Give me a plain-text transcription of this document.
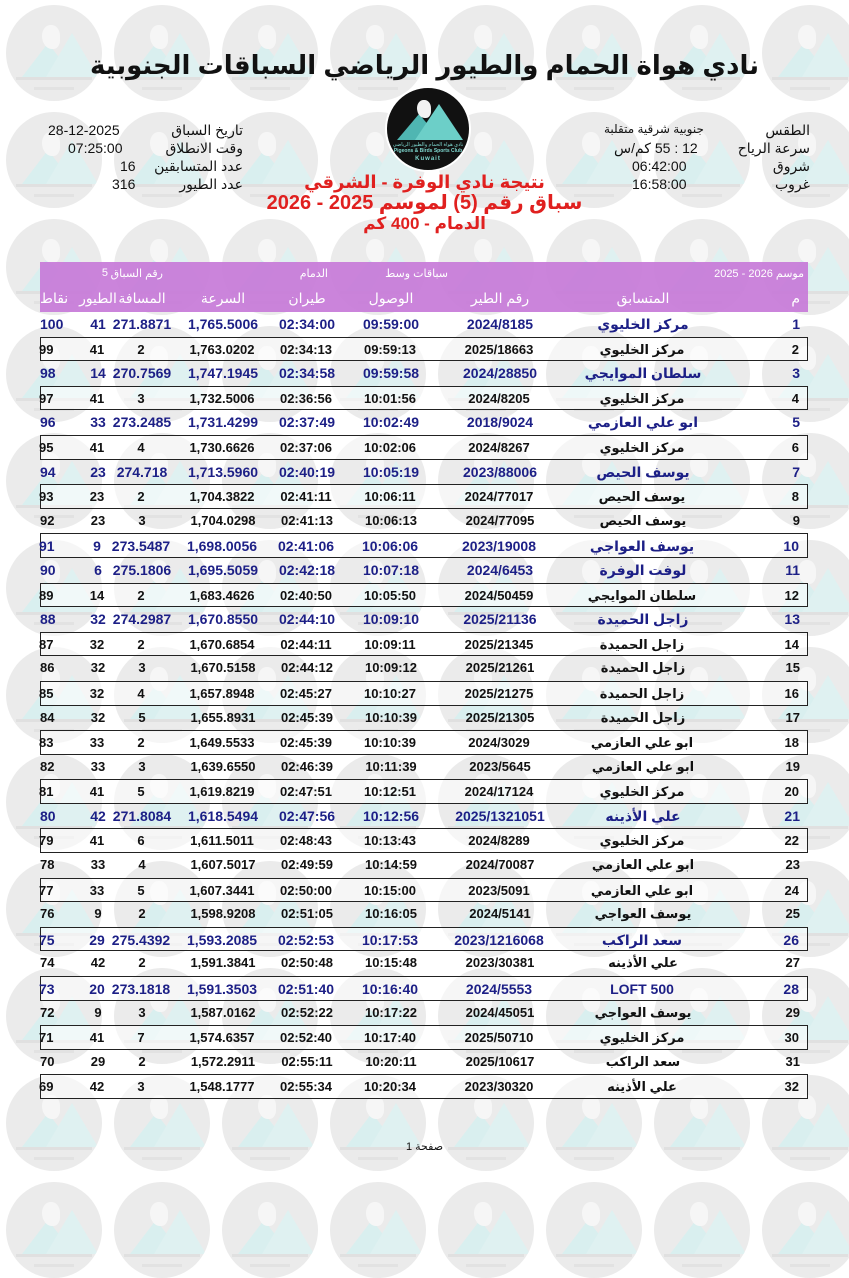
نادي هواة الحمام والطيور الرياضي السباقات الجنوبية
نادي هواة الحمام والطيور الرياضي
Pigeons & Birds Sports Club
Kuwait
تاريخ السباق
28-12-2025
وقت الانطلاق
07:25:00
عدد المتسابقين
16
عدد الطيور
316
الطقس
جنوبية شرقية متقلبة
سرعة الرياح
12 : 55 كم/س
شروق
06:42:00
غروب
16:58:00
نتيجة نادي الوفرة - الشرقي
سباق رقم (5) لموسم 2025 - 2026
الدمام - 400 كم
موسم 2026 - 2025
سباقات وسط
الدمام
رقم السباق
5
م
المتسابق
رقم الطير
الوصول
طيران
السرعة
المسافة
الطيور
نقاط
1
مركز الخليوي
2024/8185
09:59:00
02:34:00
1,765.5006
271.8871
41
100
2
مركز الخليوي
2025/18663
09:59:13
02:34:13
1,763.0202
2
41
99
3
سلطان الموايجي
2024/28850
09:59:58
02:34:58
1,747.1945
270.7569
14
98
4
مركز الخليوي
2024/8205
10:01:56
02:36:56
1,732.5006
3
41
97
5
ابو علي العازمي
2018/9024
10:02:49
02:37:49
1,731.4299
273.2485
33
96
6
مركز الخليوي
2024/8267
10:02:06
02:37:06
1,730.6626
4
41
95
7
يوسف الحيص
2023/88006
10:05:19
02:40:19
1,713.5960
274.718
23
94
8
يوسف الحيص
2024/77017
10:06:11
02:41:11
1,704.3822
2
23
93
9
يوسف الحيص
2024/77095
10:06:13
02:41:13
1,704.0298
3
23
92
10
يوسف العواجي
2023/19008
10:06:06
02:41:06
1,698.0056
273.5487
9
91
11
لوفت الوفرة
2024/6453
10:07:18
02:42:18
1,695.5059
275.1806
6
90
12
سلطان الموايجي
2024/50459
10:05:50
02:40:50
1,683.4626
2
14
89
13
زاجل الحميدة
2025/21136
10:09:10
02:44:10
1,670.8550
274.2987
32
88
14
زاجل الحميدة
2025/21345
10:09:11
02:44:11
1,670.6854
2
32
87
15
زاجل الحميدة
2025/21261
10:09:12
02:44:12
1,670.5158
3
32
86
16
زاجل الحميدة
2025/21275
10:10:27
02:45:27
1,657.8948
4
32
85
17
زاجل الحميدة
2025/21305
10:10:39
02:45:39
1,655.8931
5
32
84
18
ابو علي العازمي
2024/3029
10:10:39
02:45:39
1,649.5533
2
33
83
19
ابو علي العازمي
2023/5645
10:11:39
02:46:39
1,639.6550
3
33
82
20
مركز الخليوي
2024/17124
10:12:51
02:47:51
1,619.8219
5
41
81
21
علي الأذينه
2025/1321051
10:12:56
02:47:56
1,618.5494
271.8084
42
80
22
مركز الخليوي
2024/8289
10:13:43
02:48:43
1,611.5011
6
41
79
23
ابو علي العازمي
2024/70087
10:14:59
02:49:59
1,607.5017
4
33
78
24
ابو علي العازمي
2023/5091
10:15:00
02:50:00
1,607.3441
5
33
77
25
يوسف العواجي
2024/5141
10:16:05
02:51:05
1,598.9208
2
9
76
26
سعد الراكب
2023/1216068
10:17:53
02:52:53
1,593.2085
275.4392
29
75
27
علي الأذينه
2023/30381
10:15:48
02:50:48
1,591.3841
2
42
74
28
LOFT 500
2024/5553
10:16:40
02:51:40
1,591.3503
273.1818
20
73
29
يوسف العواجي
2024/45051
10:17:22
02:52:22
1,587.0162
3
9
72
30
مركز الخليوي
2025/50710
10:17:40
02:52:40
1,574.6357
7
41
71
31
سعد الراكب
2025/10617
10:20:11
02:55:11
1,572.2911
2
29
70
32
علي الأذينه
2023/30320
10:20:34
02:55:34
1,548.1777
3
42
69
صفحة 1
